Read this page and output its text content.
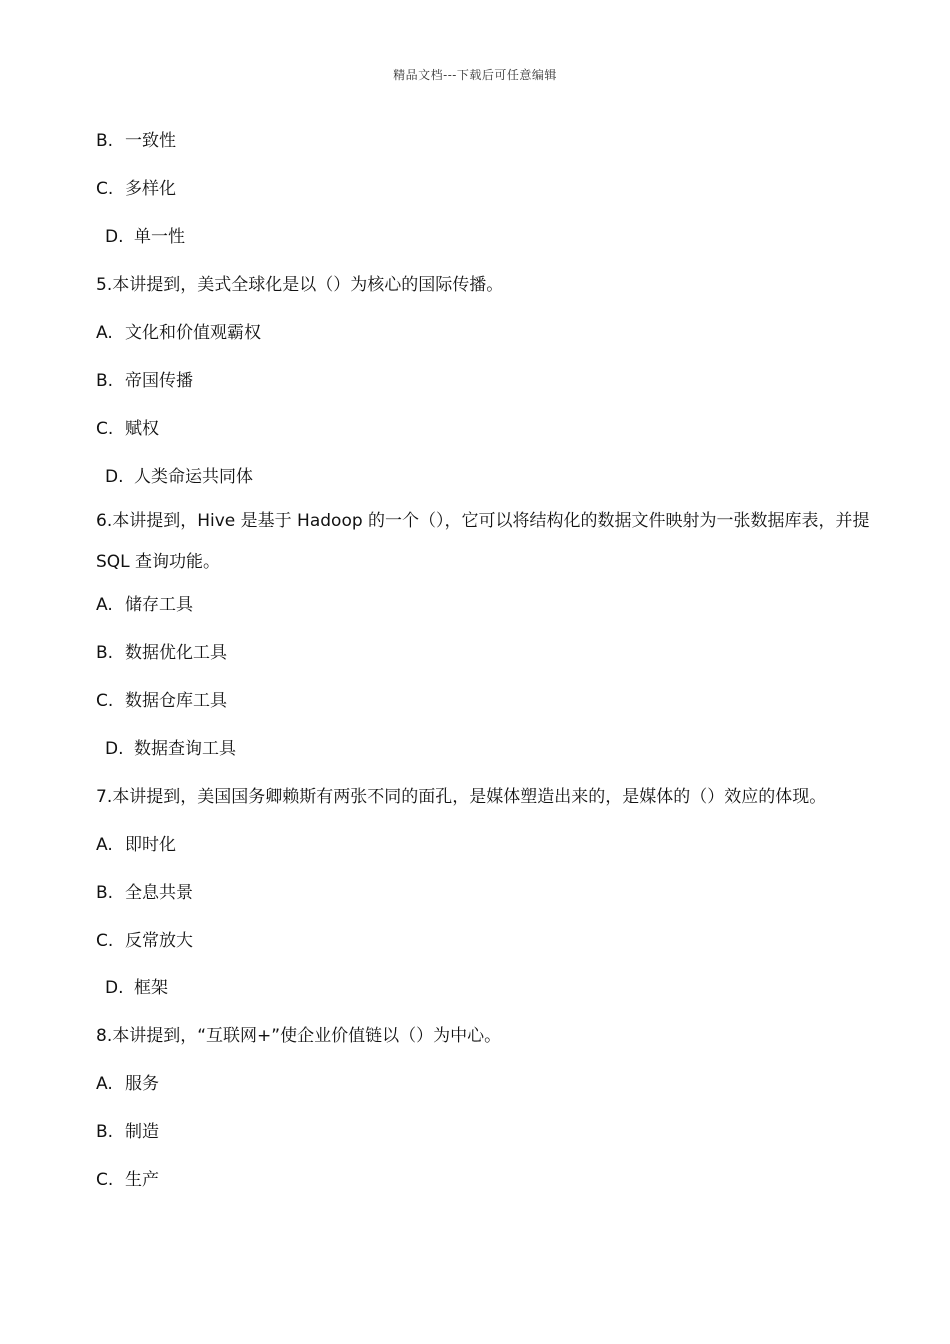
精品文档---下载后可任意编辑
B. 一致性
C. 多样化
D. 单一性
5.本讲提到，美式全球化是以（）为核心的国际传播。
A. 文化和价值观霸权
B. 帝国传播
C. 赋权
D. 人类命运共同体
6.本讲提到，Hive 是基于 Hadoop 的一个（），它可以将结构化的数据文件映射为一张数据库表，并提
SQL 查询功能。
A. 储存工具
B. 数据优化工具
C. 数据仓库工具
D. 数据查询工具
7.本讲提到，美国国务卿赖斯有两张不同的面孔，是媒体塑造出来的，是媒体的（）效应的体现。
A. 即时化
B. 全息共景
C. 反常放大
D. 框架
8.本讲提到，“互联网+”使企业价值链以（）为中心。
A. 服务
B. 制造
C. 生产
